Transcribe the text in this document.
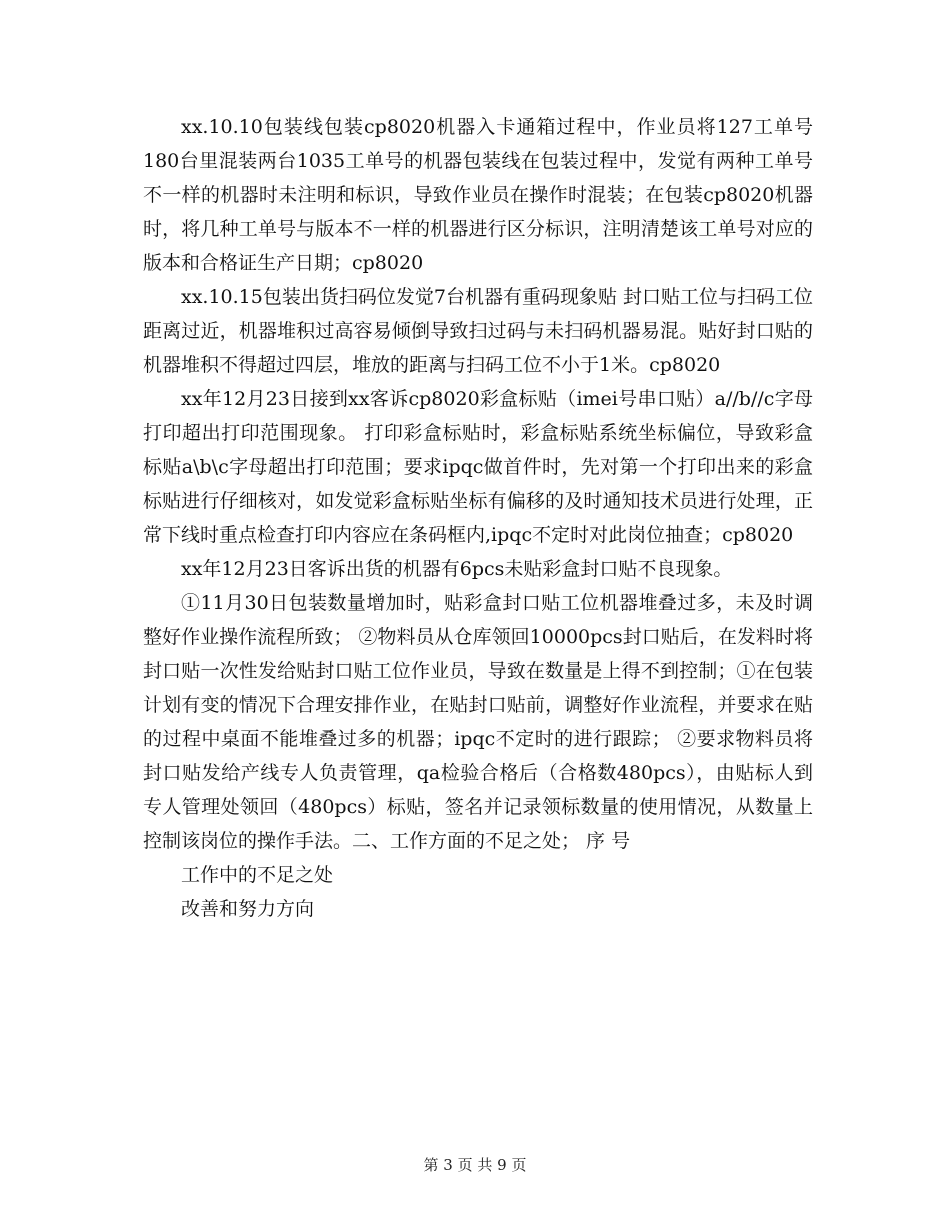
xx.10.10包装线包装cp8020机器入卡通箱过程中，作业员将127工单号180台里混装两台1035工单号的机器包装线在包装过程中，发觉有两种工单号不一样的机器时未注明和标识，导致作业员在操作时混装；在包装cp8020机器时，将几种工单号与版本不一样的机器进行区分标识，注明清楚该工单号对应的版本和合格证生产日期；cp8020

xx.10.15包装出货扫码位发觉7台机器有重码现象贴 封口贴工位与扫码工位距离过近，机器堆积过高容易倾倒导致扫过码与未扫码机器易混。贴好封口贴的机器堆积不得超过四层，堆放的距离与扫码工位不小于1米。cp8020

xx年12月23日接到xx客诉cp8020彩盒标贴（imei号串口贴）a//b//c字母打印超出打印范围现象。 打印彩盒标贴时，彩盒标贴系统坐标偏位，导致彩盒标贴a\b\c字母超出打印范围；要求ipqc做首件时，先对第一个打印出来的彩盒标贴进行仔细核对，如发觉彩盒标贴坐标有偏移的及时通知技术员进行处理，正常下线时重点检查打印内容应在条码框内,ipqc不定时对此岗位抽查；cp8020

xx年12月23日客诉出货的机器有6pcs未贴彩盒封口贴不良现象。

①11月30日包装数量增加时，贴彩盒封口贴工位机器堆叠过多，未及时调整好作业操作流程所致； ②物料员从仓库领回10000pcs封口贴后，在发料时将封口贴一次性发给贴封口贴工位作业员，导致在数量是上得不到控制；①在包装计划有变的情况下合理安排作业，在贴封口贴前，调整好作业流程，并要求在贴的过程中桌面不能堆叠过多的机器；ipqc不定时的进行跟踪； ②要求物料员将封口贴发给产线专人负责管理，qa检验合格后（合格数480pcs），由贴标人到专人管理处领回（480pcs）标贴，签名并记录领标数量的使用情况，从数量上控制该岗位的操作手法。二、工作方面的不足之处； 序 号

工作中的不足之处

改善和努力方向

第 3 页 共 9 页
